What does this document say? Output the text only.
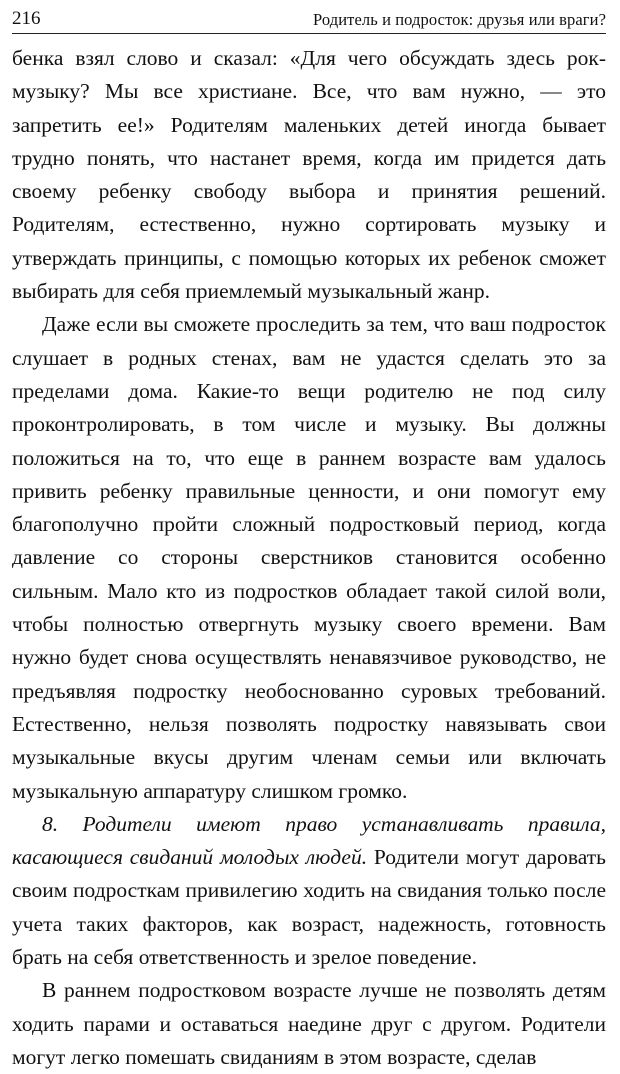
216	Родитель и подросток: друзья или враги?

бенка взял слово и сказал: «Для чего обсуждать здесь рок-музыку? Мы все христиане. Все, что вам нужно, — это запретить ее!» Родителям маленьких детей иногда бывает трудно понять, что настанет время, когда им придется дать своему ребенку свободу выбора и принятия решений. Родителям, естественно, нужно сортировать музыку и утверждать принципы, с помощью которых их ребенок сможет выбирать для себя приемлемый музыкальный жанр.

Даже если вы сможете проследить за тем, что ваш подросток слушает в родных стенах, вам не удастся сделать это за пределами дома. Какие-то вещи родителю не под силу проконтролировать, в том числе и музыку. Вы должны положиться на то, что еще в раннем возрасте вам удалось привить ребенку правильные ценности, и они помогут ему благополучно пройти сложный подростковый период, когда давление со стороны сверстников становится особенно сильным. Мало кто из подростков обладает такой силой воли, чтобы полностью отвергнуть музыку своего времени. Вам нужно будет снова осуществлять ненавязчивое руководство, не предъявляя подростку необоснованно суровых требований. Естественно, нельзя позволять подростку навязывать свои музыкальные вкусы другим членам семьи или включать музыкальную аппаратуру слишком громко.

8. Родители имеют право устанавливать правила, касающиеся свиданий молодых людей. Родители могут даровать своим подросткам привилегию ходить на свидания только после учета таких факторов, как возраст, надежность, готовность брать на себя ответственность и зрелое поведение.

В раннем подростковом возрасте лучше не позволять детям ходить парами и оставаться наедине друг с другом. Родители могут легко помешать свиданиям в этом возрасте, сделав
